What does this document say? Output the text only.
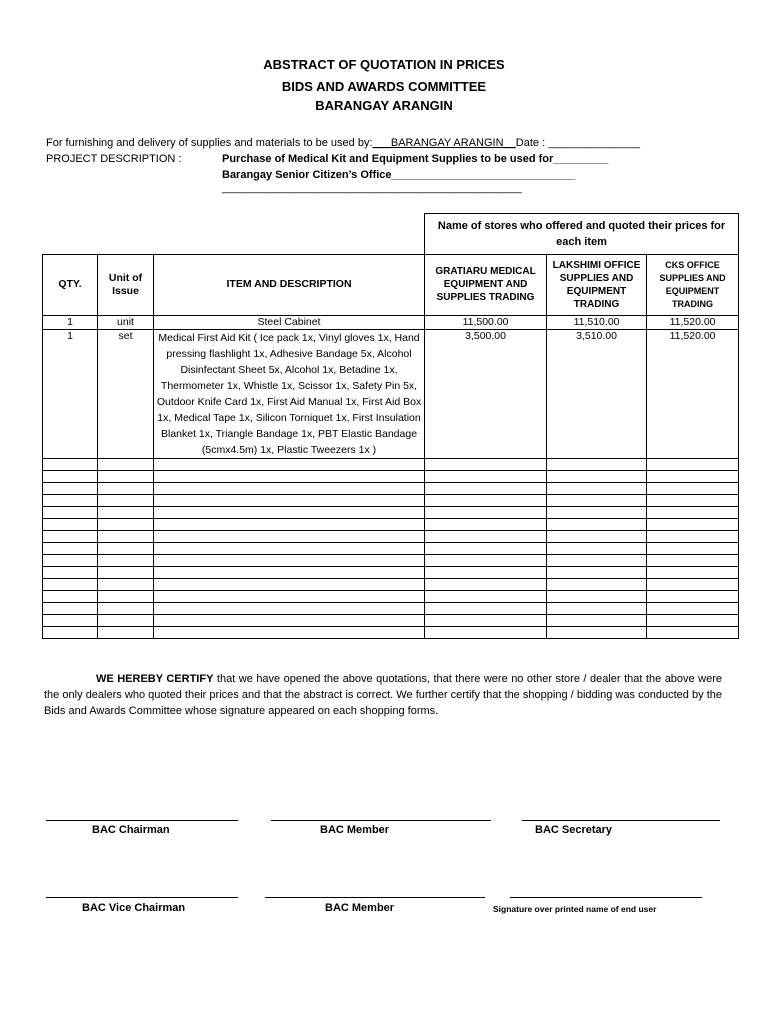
ABSTRACT OF QUOTATION IN PRICES
BIDS AND AWARDS COMMITTEE
BARANGAY ARANGIN
For furnishing and delivery of supplies and materials to be used by:___BARANGAY ARANGIN__Date : _______________
PROJECT DESCRIPTION :	Purchase of Medical Kit and Equipment Supplies to be used for_________
Barangay Senior Citizen’s Office______________________________
_________________________________________________
			Name of stores who offered and quoted their prices for each item		
QTY.	Unit of Issue	ITEM AND DESCRIPTION	GRATIARU MEDICAL EQUIPMENT AND SUPPLIES TRADING	LAKSHIMI OFFICE SUPPLIES AND EQUIPMENT TRADING	CKS OFFICE SUPPLIES AND EQUIPMENT TRADING
1	unit	Steel Cabinet	11,500.00	11,510.00	11,520.00
1	set	Medical First Aid Kit ( Ice pack 1x, Vinyl gloves 1x, Hand pressing flashlight 1x, Adhesive Bandage 5x, Alcohol Disinfectant Sheet 5x, Alcohol 1x, Betadine 1x, Thermometer 1x, Whistle 1x, Scissor 1x, Safety Pin 5x, Outdoor Knife Card 1x, First Aid Manual 1x, First Aid Box 1x, Medical Tape 1x, Silicon Torniquet 1x, First Insulation Blanket 1x, Triangle Bandage 1x, PBT Elastic Bandage (5cmx4.5m) 1x, Plastic Tweezers 1x )	3,500.00	3,510.00	11,520.00

WE HEREBY CERTIFY that we have opened the above quotations, that there were no other store / dealer that the above were the only dealers who quoted their prices and that the abstract is correct. We further certify that the shopping / bidding was conducted by the Bids and Awards Committee whose signature appeared on each shopping forms.
BAC Chairman	BAC Member	BAC Secretary
BAC Vice Chairman	BAC Member	Signature over printed name of end user
